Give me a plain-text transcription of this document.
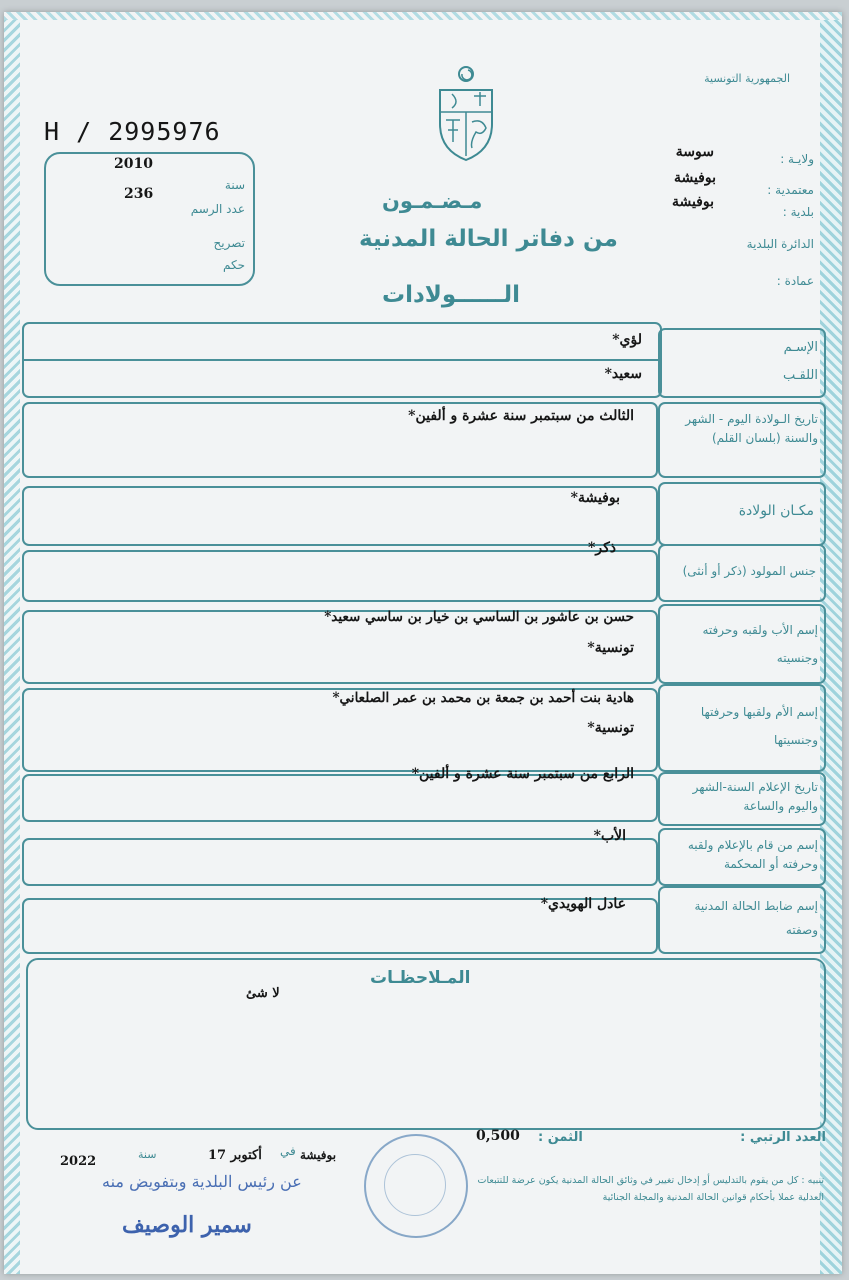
H / 2995976
2010
236
سنة
عدد الرسم
تصريح
حكم
الجمهورية التونسية
ولايـة :
سوسة
معتمدية :
بوفيشة
بلدية :
بوفيشة
الدائرة البلدية
عمادة :
مـضـمـون
من دفاتر الحالة المدنية
الــــــولادات
لؤي*
سعيد*
الإسـم
اللقـب
الثالث من سبتمبر سنة عشرة و ألفين*	تاريخ الـولادة اليوم - الشهر والسنة (بلسان القلم)
بوفيشة*
مكـان الولادة
ذكر*
جنس المولود (ذكر أو أنثى)
حسن بن عاشور بن الساسي بن خيار بن ساسي سعيد*
تونسية*
إسم الأب ولقبه وحرفته وجنسيته
هادية بنت أحمد بن جمعة بن محمد بن عمر الصلعاني*
تونسية*
إسم الأم ولقبها وحرفتها وجنسيتها
الرابع من سبتمبر سنة عشرة و ألفين*
تاريخ الإعلام السنة-الشهر واليوم والساعة
الأب*
إسم من قام بالإعلام ولقبه وحرفته أو المحكمة
عادل الهويدي*	إسم ضابط الحالة المدنية وصفته
المـلاحظـات
لا شئ
العدد الرتبي :
الثمن :
0,500
بوفيشة
في
17 أكتوبر
سنة
2022
عن رئيس البلدية وبتفويض منه
سمير الوصيف
تنبيه : كل من يقوم بالتدليس أو إدخال تغيير في وثائق الحالة المدنية يكون عرضة للتتبعات العدلية عملا بأحكام قوانين الحالة المدنية والمجلة الجنائية
